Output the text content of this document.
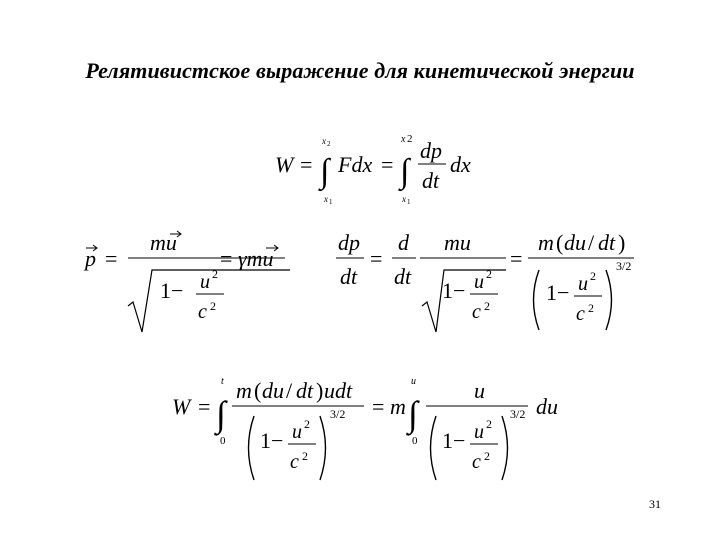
Релятивистское выражение для кинетической энергии
W = ∫
x 2
x 1
Fdx = ∫
x 2
x 1
dp
dt
dx
p =
mu
1− u 2
c 2
= γmu
dp
dt
=
d
dt
mu
1− u 2
c 2
=
m ( du / dt )
1− u 2
c 2
3/2
W = ∫
t
0
m ( du / dt ) udt
1− u 2
c 2
3/2 = m ∫
u
0
u
1− u 2
c 2
3/2 du
31
